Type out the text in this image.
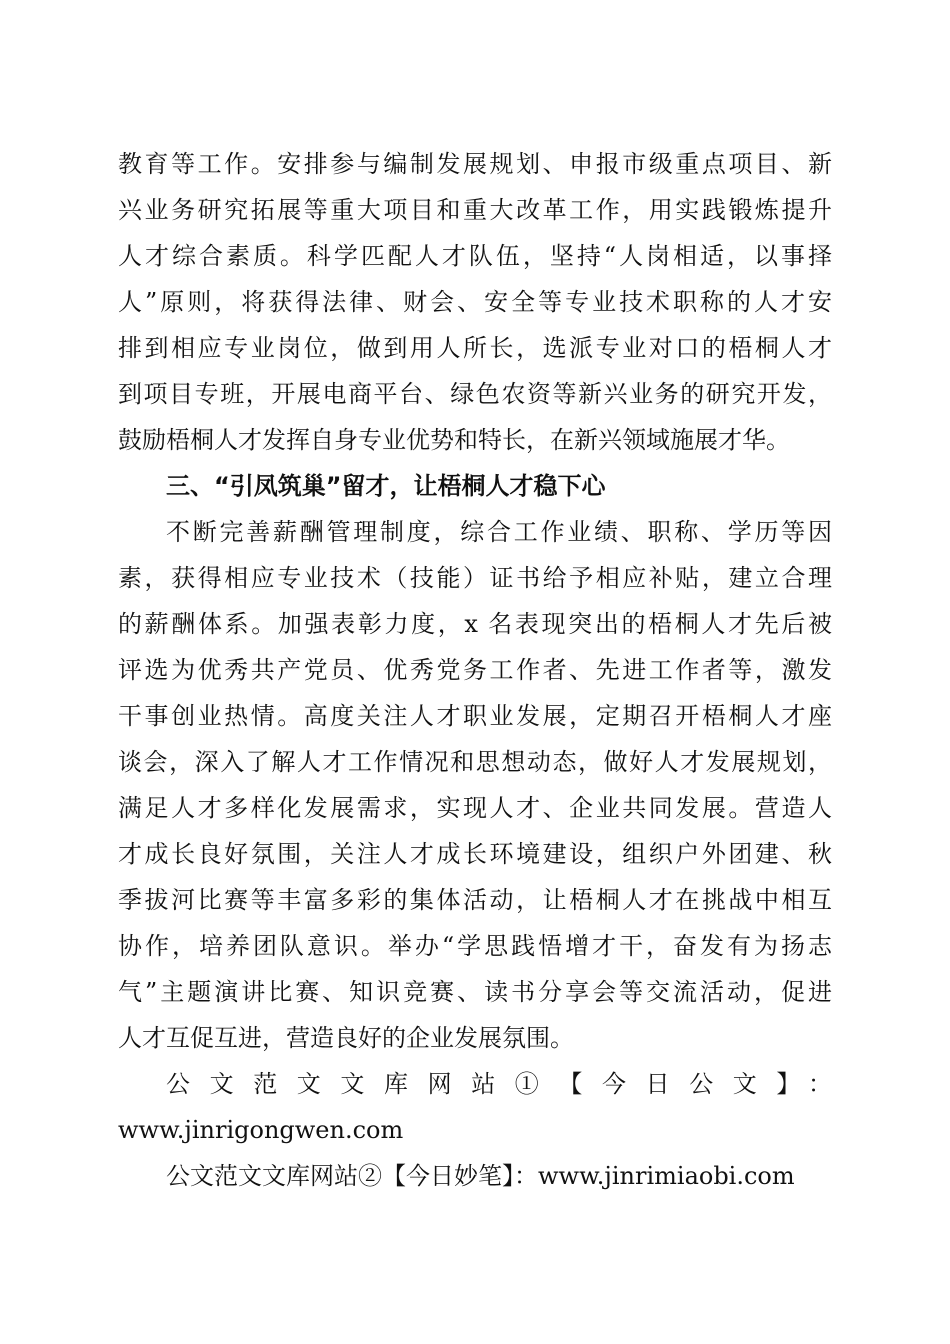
教育等工作。安排参与编制发展规划、申报市级重点项目、新
兴业务研究拓展等重大项目和重大改革工作，用实践锻炼提升
人才综合素质。科学匹配人才队伍，坚持“人岗相适，以事择
人”原则，将获得法律、财会、安全等专业技术职称的人才安
排到相应专业岗位，做到用人所长，选派专业对口的梧桐人才
到项目专班，开展电商平台、绿色农资等新兴业务的研究开发，
鼓励梧桐人才发挥自身专业优势和特长，在新兴领域施展才华。
三、“引凤筑巢”留才，让梧桐人才稳下心
不断完善薪酬管理制度，综合工作业绩、职称、学历等因
素，获得相应专业技术（技能）证书给予相应补贴，建立合理
的薪酬体系。加强表彰力度，x 名表现突出的梧桐人才先后被
评选为优秀共产党员、优秀党务工作者、先进工作者等，激发
干事创业热情。高度关注人才职业发展，定期召开梧桐人才座
谈会，深入了解人才工作情况和思想动态，做好人才发展规划，
满足人才多样化发展需求，实现人才、企业共同发展。营造人
才成长良好氛围，关注人才成长环境建设，组织户外团建、秋
季拔河比赛等丰富多彩的集体活动，让梧桐人才在挑战中相互
协作，培养团队意识。举办“学思践悟增才干，奋发有为扬志
气”主题演讲比赛、知识竞赛、读书分享会等交流活动，促进
人才互促互进，营造良好的企业发展氛围。
公文范文文库网站①【今日公文】：
www.jinrigongwen.com
公文范文文库网站②【今日妙笔】：www.jinrimiaobi.com
